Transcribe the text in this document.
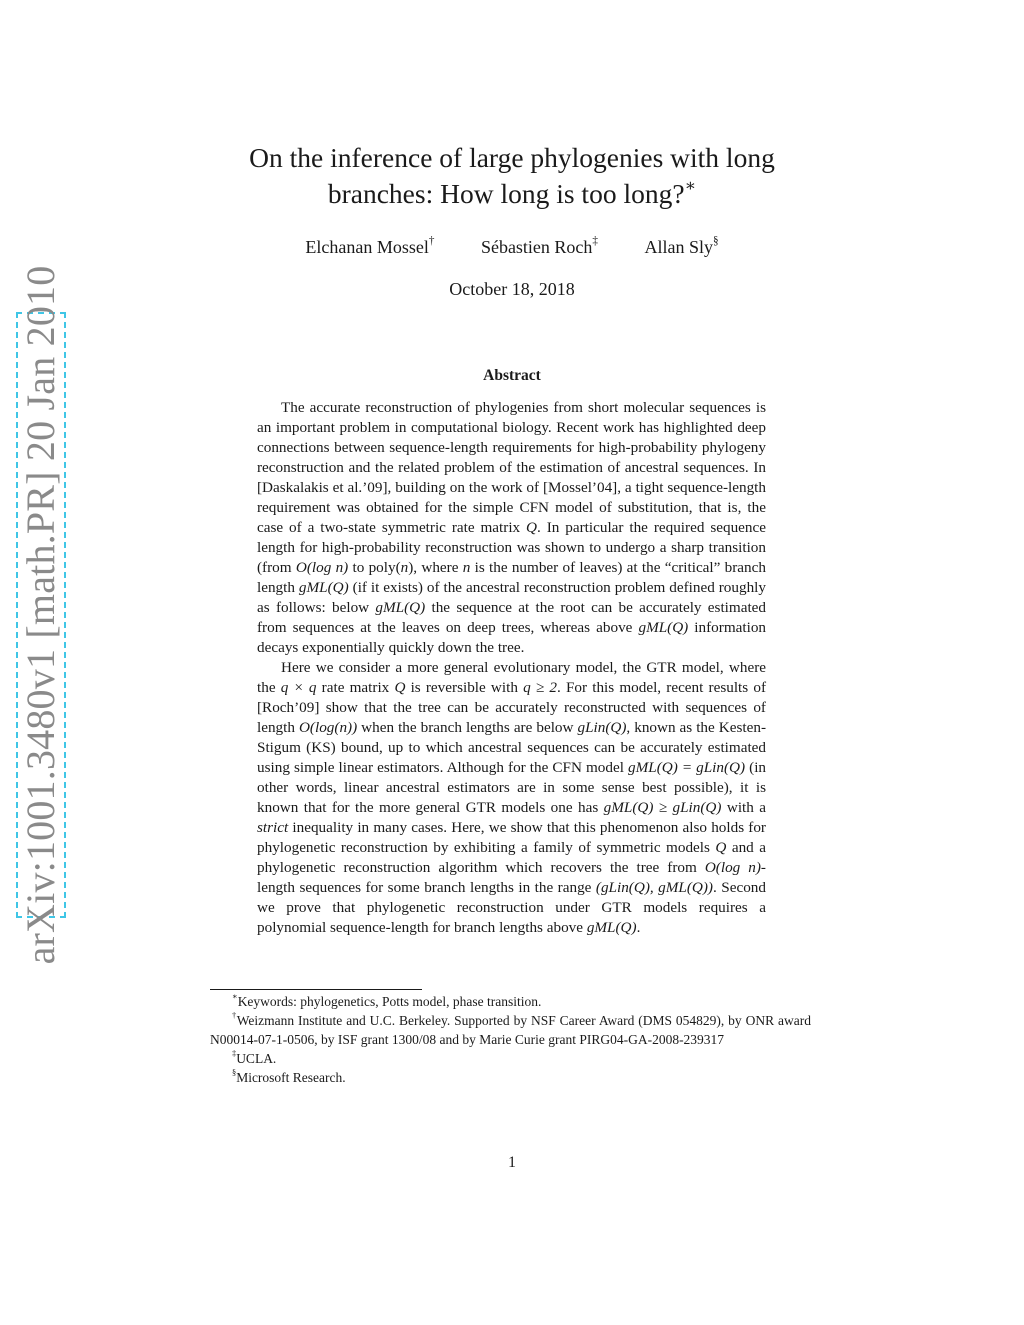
arXiv:1001.3480v1 [math.PR] 20 Jan 2010
On the inference of large phylogenies with long
branches: How long is too long?∗
Elchanan Mossel†	Sébastien Roch‡	Allan Sly§
October 18, 2018
Abstract

The accurate reconstruction of phylogenies from short molecular sequences is an important problem in computational biology. Recent work has highlighted deep connections between sequence-length requirements for high-probability phylogeny reconstruction and the related problem of the estimation of ancestral sequences. In [Daskalakis et al.’09], building on the work of [Mossel’04], a tight sequence-length requirement was obtained for the simple CFN model of substitution, that is, the case of a two-state symmetric rate matrix Q. In particular the required sequence length for high-probability reconstruction was shown to undergo a sharp transition (from O(log n) to poly(n), where n is the number of leaves) at the “critical” branch length gML(Q) (if it exists) of the ancestral reconstruction problem defined roughly as follows: below gML(Q) the sequence at the root can be accurately estimated from sequences at the leaves on deep trees, whereas above gML(Q) information decays exponentially quickly down the tree.

Here we consider a more general evolutionary model, the GTR model, where the q × q rate matrix Q is reversible with q ≥ 2. For this model, recent results of [Roch’09] show that the tree can be accurately reconstructed with sequences of length O(log(n)) when the branch lengths are below gLin(Q), known as the Kesten-Stigum (KS) bound, up to which ancestral sequences can be accurately estimated using simple linear estimators. Although for the CFN model gML(Q) = gLin(Q) (in other words, linear ancestral estimators are in some sense best possible), it is known that for the more general GTR models one has gML(Q) ≥ gLin(Q) with a strict inequality in many cases. Here, we show that this phenomenon also holds for phylogenetic reconstruction by exhibiting a family of symmetric models Q and a phylogenetic reconstruction algorithm which recovers the tree from O(log n)-length sequences for some branch lengths in the range (gLin(Q), gML(Q)). Second we prove that phylogenetic reconstruction under GTR models requires a polynomial sequence-length for branch lengths above gML(Q).

∗Keywords: phylogenetics, Potts model, phase transition.

†Weizmann Institute and U.C. Berkeley. Supported by NSF Career Award (DMS 054829), by ONR award N00014-07-1-0506, by ISF grant 1300/08 and by Marie Curie grant PIRG04-GA-2008-239317

‡UCLA.

§Microsoft Research.

1
